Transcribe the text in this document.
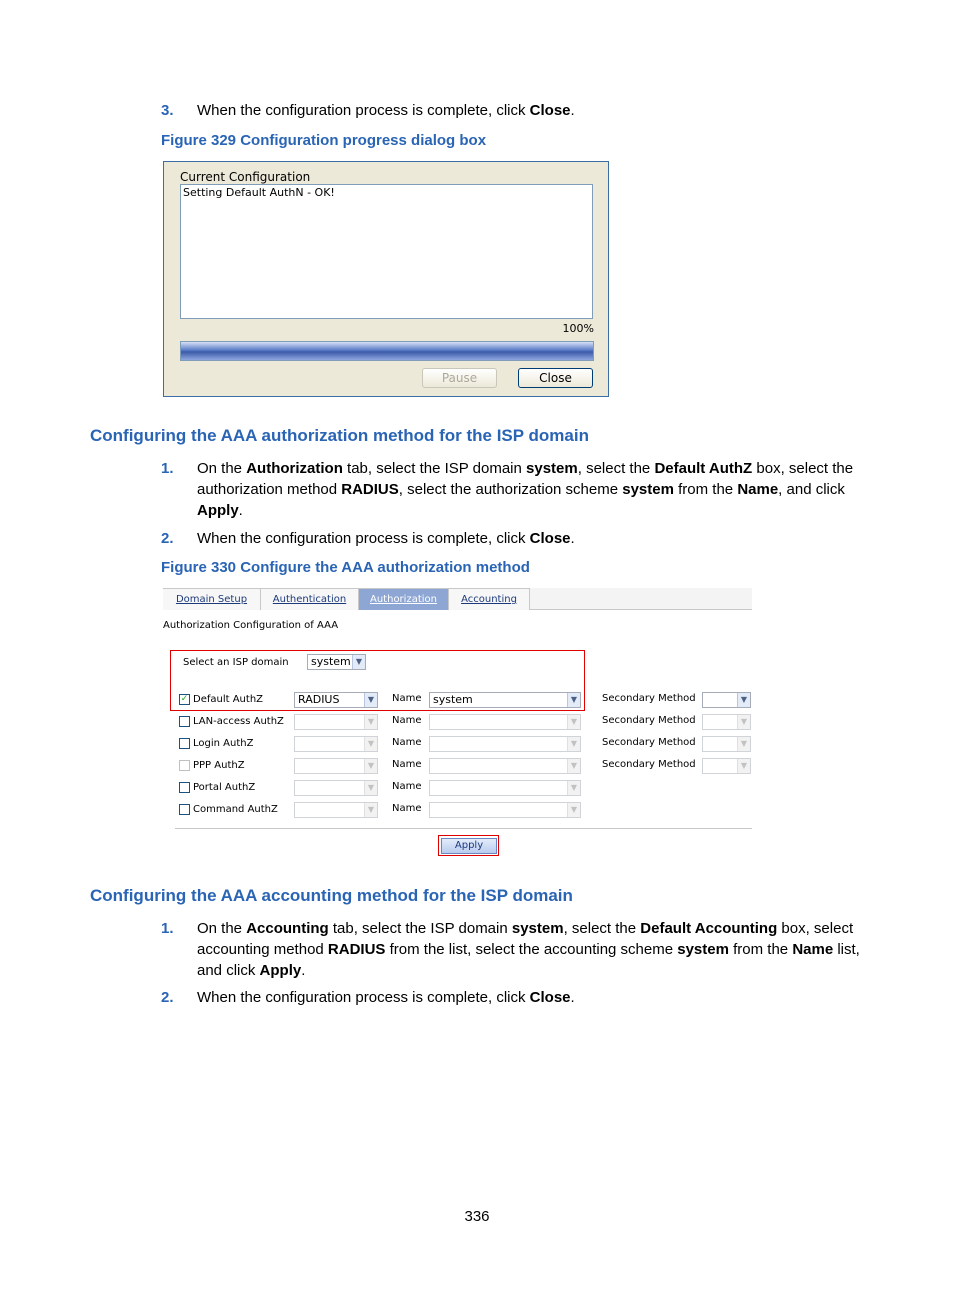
3. When the configuration process is complete, click Close.
Figure 329 Configuration progress dialog box
Current Configuration
Setting Default AuthN - OK!
100%
Pause	Close
Configuring the AAA authorization method for the ISP domain
1. On the Authorization tab, select the ISP domain system, select the Default AuthZ box, select the authorization method RADIUS, select the authorization scheme system from the Name, and click Apply.
2. When the configuration process is complete, click Close.
Figure 330 Configure the AAA authorization method
Domain Setup	Authentication	Authorization	Accounting
Authorization Configuration of AAA
Select an ISP domain	system ▼
✓ Default AuthZ	RADIUS	▼ Name	system	▼ Secondary Method	▼
LAN-access AuthZ	▼ Name	▼ Secondary Method	▼
Login AuthZ	▼ Name	▼ Secondary Method	▼
PPP AuthZ	▼ Name	▼ Secondary Method	▼
Portal AuthZ	▼ Name	▼
Command AuthZ	▼ Name	▼
Apply
Configuring the AAA accounting method for the ISP domain
1. On the Accounting tab, select the ISP domain system, select the Default Accounting box, select accounting method RADIUS from the list, select the accounting scheme system from the Name list, and click Apply.
2. When the configuration process is complete, click Close.
336
